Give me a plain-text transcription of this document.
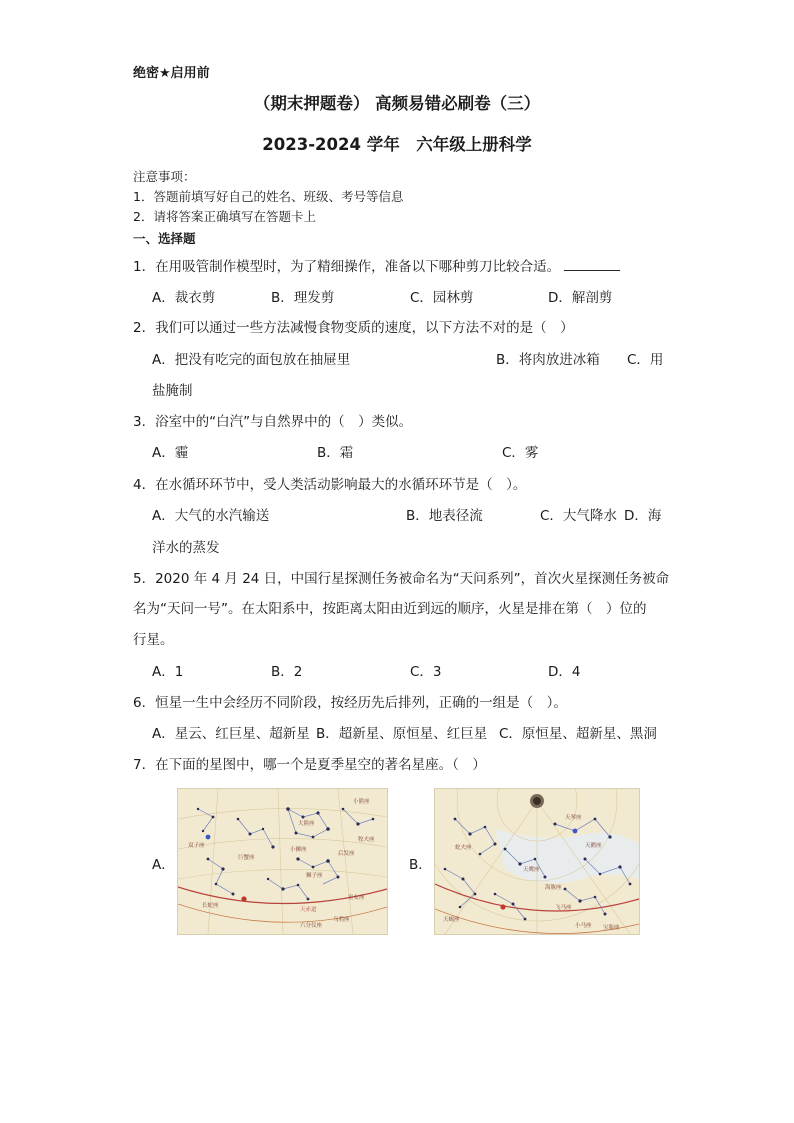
绝密★启用前
（期末押题卷） 高频易错必刷卷（三）
2023-2024 学年　六年级上册科学
注意事项：
1．答题前填写好自己的姓名、班级、考号等信息
2．请将答案正确填写在答题卡上
一、选择题
1．在用吸管制作模型时，为了精细操作，准备以下哪种剪刀比较合适。
A．裁衣剪	B．理发剪	C．园林剪	D．解剖剪
2．我们可以通过一些方法减慢食物变质的速度，以下方法不对的是（　）
A．把没有吃完的面包放在抽屉里	B．将肉放进冰箱 C．用
盐腌制
3．浴室中的“白汽”与自然界中的（　）类似。
A．霾	B．霜	C．雾
4．在水循环环节中，受人类活动影响最大的水循环环节是（　）。
A．大气的水汽输送	B．地表径流	C．大气降水 D．海
洋水的蒸发
5．2020 年 4 月 24 日，中国行星探测任务被命名为“天问系列”，首次火星探测任务被命
名为“天问一号”。在太阳系中，按距离太阳由近到远的顺序，火星是排在第（　）位的
行星。
A．1	B．2	C．3	D．4
6．恒星一生中会经历不同阶段，按经历先后排列，正确的一组是（　）。
A．星云、红巨星、超新星 B．超新星、原恒星、红巨星 C．原恒星、超新星、黑洞
7．在下面的星图中，哪一个是夏季星空的著名星座。（　）
A．	B．
大熊座
小狮座
狮子座
巨蟹座
长蛇座
六分仪座
天赤道
小熊座
牧夫座
后发座
室女座
乌鸦座
双子座
天鹰座
天琴座
天鹅座
飞马座
小马座 宝瓶座
海豚座
蛇夫座
天蝎座
